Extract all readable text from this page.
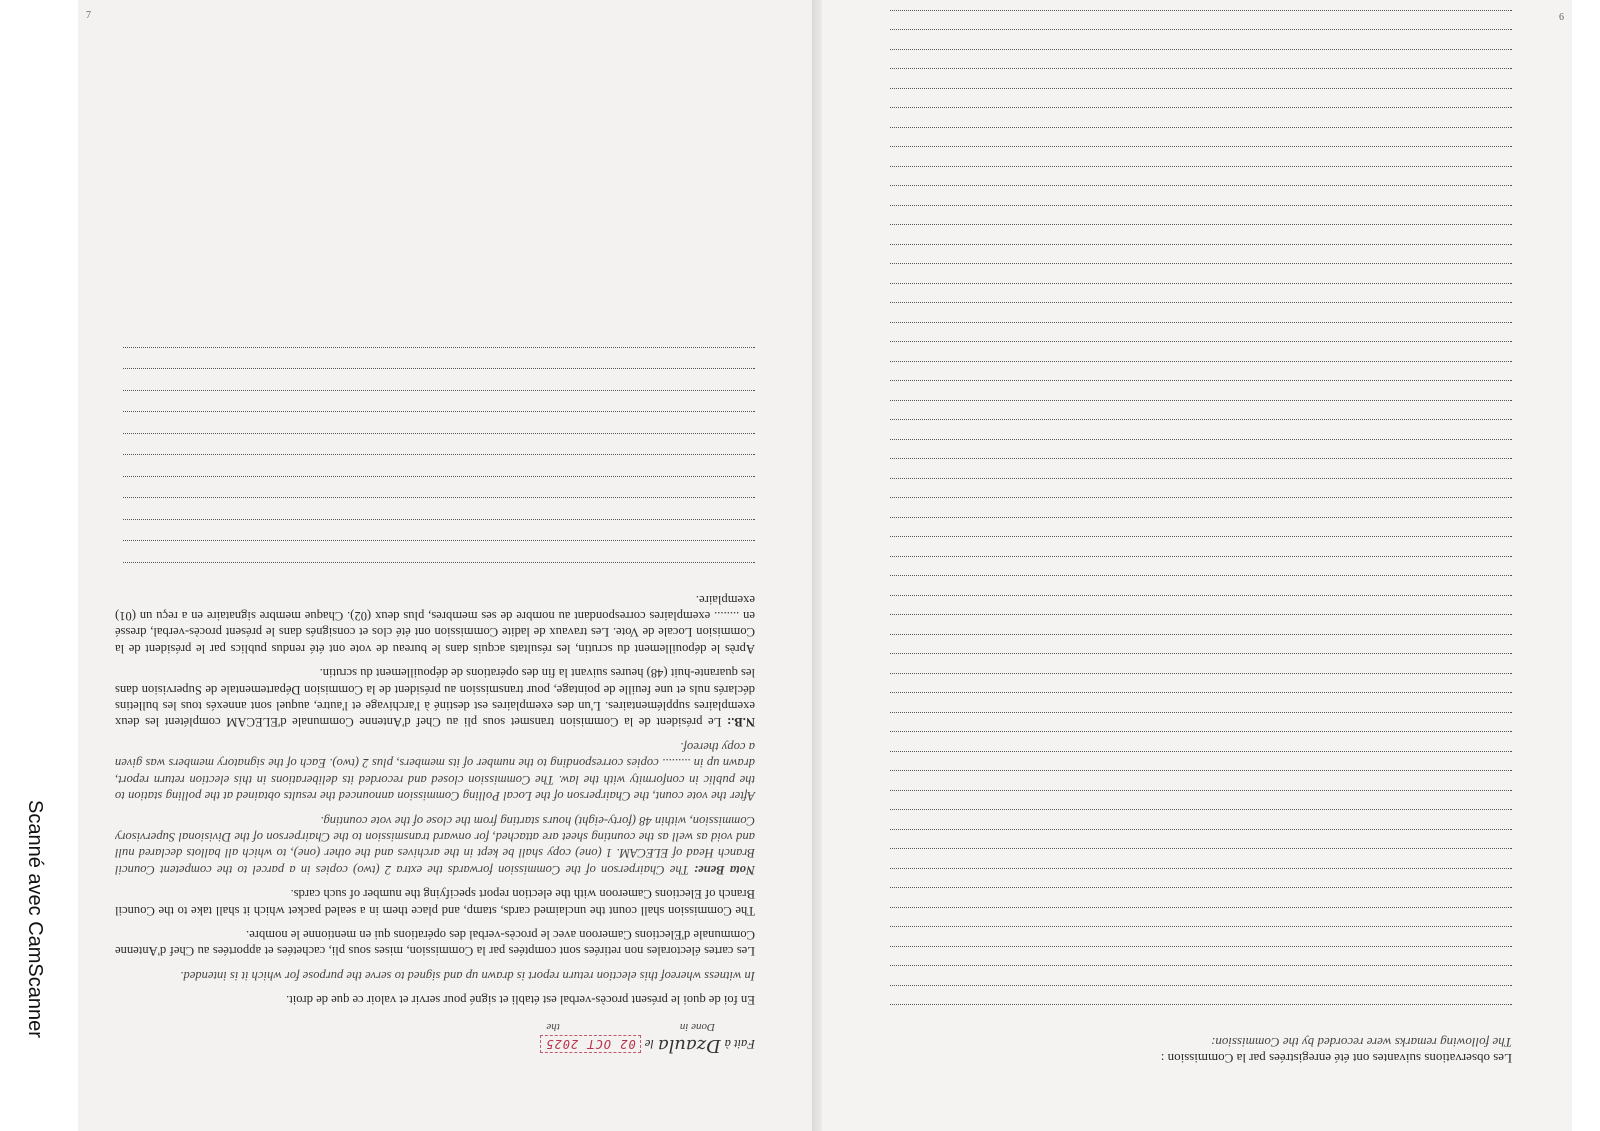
Fait à
Dzaula
le
02 OCT 2025
Done in
the

En foi de quoi le présent procès-verbal est établi et signé pour servir et valoir ce que de droit.

In witness whereof this election return report is drawn up and signed to serve the purpose for which it is intended.

Les cartes électorales non retirées sont comptées par la Commission, mises sous pli, cachetées et apportées au Chef d'Antenne Communale d'Elections Cameroon avec le procès-verbal des opérations qui en mentionne le nombre.

The Commission shall count the unclaimed cards, stamp, and place them in a sealed packet which it shall take to the Council Branch of Elections Cameroon with the election report specifying the number of such cards.

Nota Bene: The Chairperson of the Commission forwards the extra 2 (two) copies in a parcel to the competent Council Branch Head of ELECAM. 1 (one) copy shall be kept in the archives and the other (one), to which all ballots declared null and void as well as the counting sheet are attached, for onward transmission to the Chairperson of the Divisional Supervisory Commission, within 48 (forty-eight) hours starting from the close of the vote counting.

After the vote count, the Chairperson of the Local Polling Commission announced the results obtained at the polling station to the public in conformity with the law. The Commission closed and recorded its deliberations in this election return report, drawn up in ......... copies corresponding to the number of its members, plus 2 (two). Each of the signatory members was given a copy thereof.

N.B.: Le président de la Commision transmet sous pli au Chef d'Antenne Communale d'ELECAM complétent les deux exemplaires supplémentaires. L'un des exemplaires est destiné à l'archivage et l'autre, auquel sont annexés tous les bulletins déclarés nuls et une feuille de pointage, pour transmission au président de la Commision Départementale de Supervision dans les quarante-huit (48) heures suivant la fin des opérations de dépouillement du scrutin.

Après le dépouillement du scrutin, les résultats acquis dans le bureau de vote ont été rendus publics par le président de la Commision Locale de Vote. Les travaux de ladite Commission ont été clos et consignés dans le présent procès-verbal, dressé en ........ exemplaires correspondant au nombre de ses membres, plus deux (02). Chaque membre signataire en a reçu un (01) exemplaire.

7

Les observations suivantes ont été enregistrées par la Commission :

The following remarks were recorded by the Commission:

6
Scanné avec CamScanner
